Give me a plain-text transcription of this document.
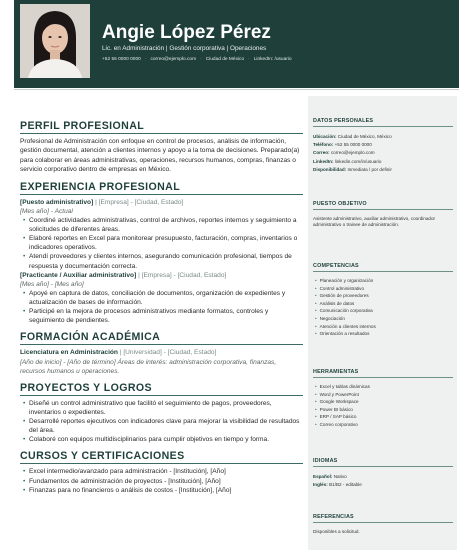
Angie López Pérez
Lic. en Administración | Gestión corporativa | Operaciones
+52 55 0000 0000 · correo@ejemplo.com · Ciudad de México · LinkedIn: /usuario
DATOS PERSONALES
Ubicación: Ciudad de México, México
Teléfono: +52 55 0000 0000
Correo: correo@ejemplo.com
LinkedIn: linkedin.com/in/usuario
Disponibilidad: Inmediata / por definir
PUESTO OBJETIVO
Asistente administrativo, auxiliar administrativo, coordinador administrativo o trainee de administración.
COMPETENCIAS
• Planeación y organización
• Control administrativo
• Gestión de proveedores
• Análisis de datos
• Comunicación corporativa
• Negociación
• Atención a clientes internos
• Orientación a resultados
HERRAMIENTAS
• Excel y tablas dinámicas
• Word y PowerPoint
• Google Workspace
• Power BI básico
• ERP / SAP básico
• Correo corporativo
IDIOMAS
Español: Nativo
Inglés: B1/B2 - editable
REFERENCIAS
Disponibles a solicitud.
PERFIL PROFESIONAL
Profesional de Administración con enfoque en control de procesos, análisis de información, gestión documental, atención a clientes internos y apoyo a la toma de decisiones. Preparado(a) para colaborar en áreas administrativas, operaciones, recursos humanos, compras, finanzas o servicio corporativo dentro de empresas en México.
EXPERIENCIA PROFESIONAL
[Puesto administrativo] | [Empresa] - [Ciudad, Estado]
[Mes año] - Actual
• Coordiné actividades administrativas, control de archivos, reportes internos y seguimiento a solicitudes de diferentes áreas.
• Elaboré reportes en Excel para monitorear presupuesto, facturación, compras, inventarios o indicadores operativos.
• Atendí proveedores y clientes internos, asegurando comunicación profesional, tiempos de respuesta y documentación correcta.
[Practicante / Auxiliar administrativo] | [Empresa] - [Ciudad, Estado]
[Mes año] - [Mes año]
• Apoyé en captura de datos, conciliación de documentos, organización de expedientes y actualización de bases de información.
• Participé en la mejora de procesos administrativos mediante formatos, controles y seguimiento de pendientes.
FORMACIÓN ACADÉMICA
Licenciatura en Administración | [Universidad] - [Ciudad, Estado]
[Año de inicio] - [Año de término] Áreas de interés: administración corporativa, finanzas, recursos humanos u operaciones.
PROYECTOS Y LOGROS
• Diseñé un control administrativo que facilitó el seguimiento de pagos, proveedores, inventarios o expedientes.
• Desarrollé reportes ejecutivos con indicadores clave para mejorar la visibilidad de resultados del área.
• Colaboré con equipos multidisciplinarios para cumplir objetivos en tiempo y forma.
CURSOS Y CERTIFICACIONES
• Excel intermedio/avanzado para administración - [Institución], [Año]
• Fundamentos de administración de proyectos - [Institución], [Año]
• Finanzas para no financieros o análisis de costos - [Institución], [Año]
